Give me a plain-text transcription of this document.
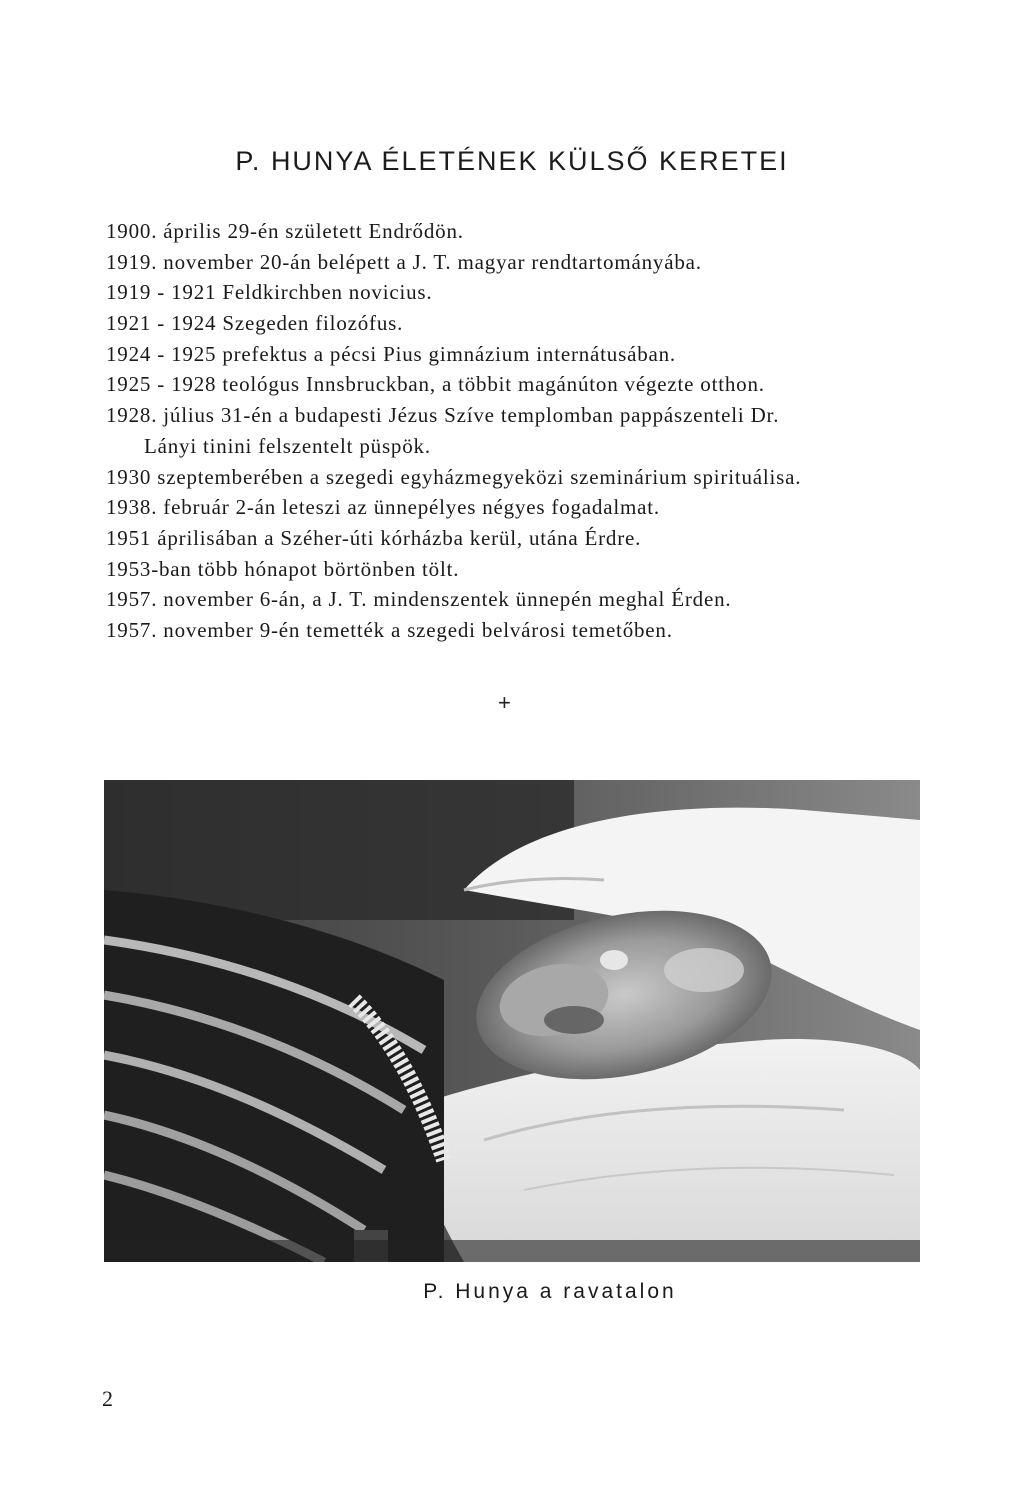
P. HUNYA ÉLETÉNEK KÜLSŐ KERETEI
1900. április 29-én született Endrődön.
1919. november 20-án belépett a J. T. magyar rendtartományába.
1919 - 1921 Feldkirchben novicius.
1921 - 1924 Szegeden filozófus.
1924 - 1925 prefektus a pécsi Pius gimnázium internátusában.
1925 - 1928 teológus Innsbruckban, a többit magánúton végezte otthon.
1928. július 31-én a budapesti Jézus Szíve templomban pappászenteli Dr.
Lányi tinini felszentelt püspök.
1930 szeptemberében a szegedi egyházmegyeközi szeminárium spirituálisa.
1938. február 2-án leteszi az ünnepélyes négyes fogadalmat.
1951 áprilisában a Széher-úti kórházba kerül, utána Érdre.
1953-ban több hónapot börtönben tölt.
1957. november 6-án, a J. T. mindenszentek ünnepén meghal Érden.
1957. november 9-én temették a szegedi belvárosi temetőben.
+
P. Hunya a ravatalon
2
